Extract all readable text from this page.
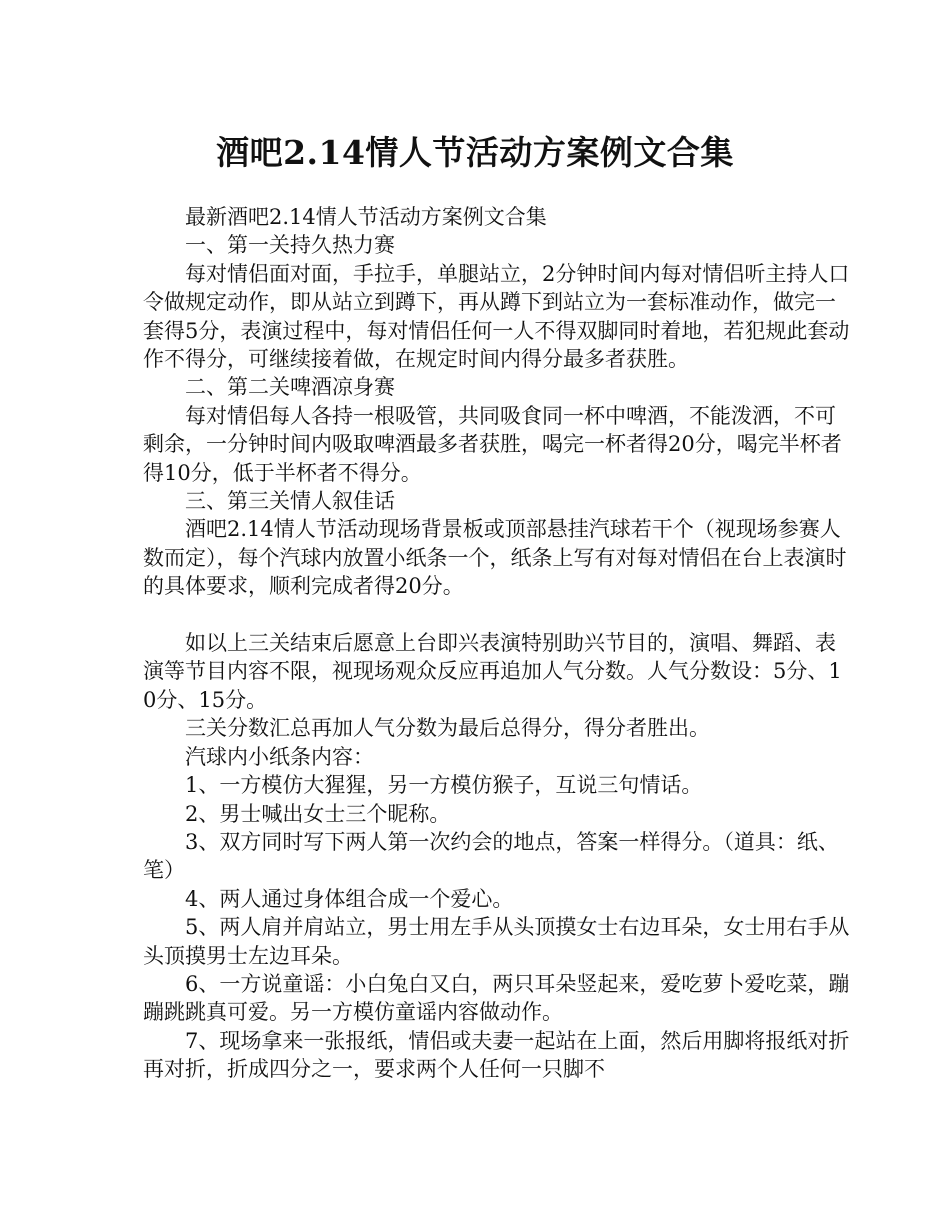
酒吧2.14情人节活动方案例文合集

最新酒吧2.14情人节活动方案例文合集

一、第一关持久热力赛

每对情侣面对面，手拉手，单腿站立，2分钟时间内每对情侣听主持人口令做规定动作，即从站立到蹲下，再从蹲下到站立为一套标准动作，做完一套得5分，表演过程中，每对情侣任何一人不得双脚同时着地，若犯规此套动作不得分，可继续接着做，在规定时间内得分最多者获胜。

二、第二关啤酒凉身赛

每对情侣每人各持一根吸管，共同吸食同一杯中啤酒，不能泼洒，不可剩余，一分钟时间内吸取啤酒最多者获胜，喝完一杯者得20分，喝完半杯者得10分，低于半杯者不得分。

三、第三关情人叙佳话

酒吧2.14情人节活动现场背景板或顶部悬挂汽球若干个（视现场参赛人数而定），每个汽球内放置小纸条一个，纸条上写有对每对情侣在台上表演时的具体要求，顺利完成者得20分。

如以上三关结束后愿意上台即兴表演特别助兴节目的，演唱、舞蹈、表演等节目内容不限，视现场观众反应再追加人气分数。人气分数设：5分、10分、15分。

三关分数汇总再加人气分数为最后总得分，得分者胜出。

汽球内小纸条内容：

1、一方模仿大猩猩，另一方模仿猴子，互说三句情话。

2、男士喊出女士三个昵称。

3、双方同时写下两人第一次约会的地点，答案一样得分。（道具：纸、笔）

4、两人通过身体组合成一个爱心。

5、两人肩并肩站立，男士用左手从头顶摸女士右边耳朵，女士用右手从头顶摸男士左边耳朵。

6、一方说童谣：小白兔白又白，两只耳朵竖起来，爱吃萝卜爱吃菜，蹦蹦跳跳真可爱。另一方模仿童谣内容做动作。

7、现场拿来一张报纸，情侣或夫妻一起站在上面，然后用脚将报纸对折再对折，折成四分之一，要求两个人任何一只脚不
